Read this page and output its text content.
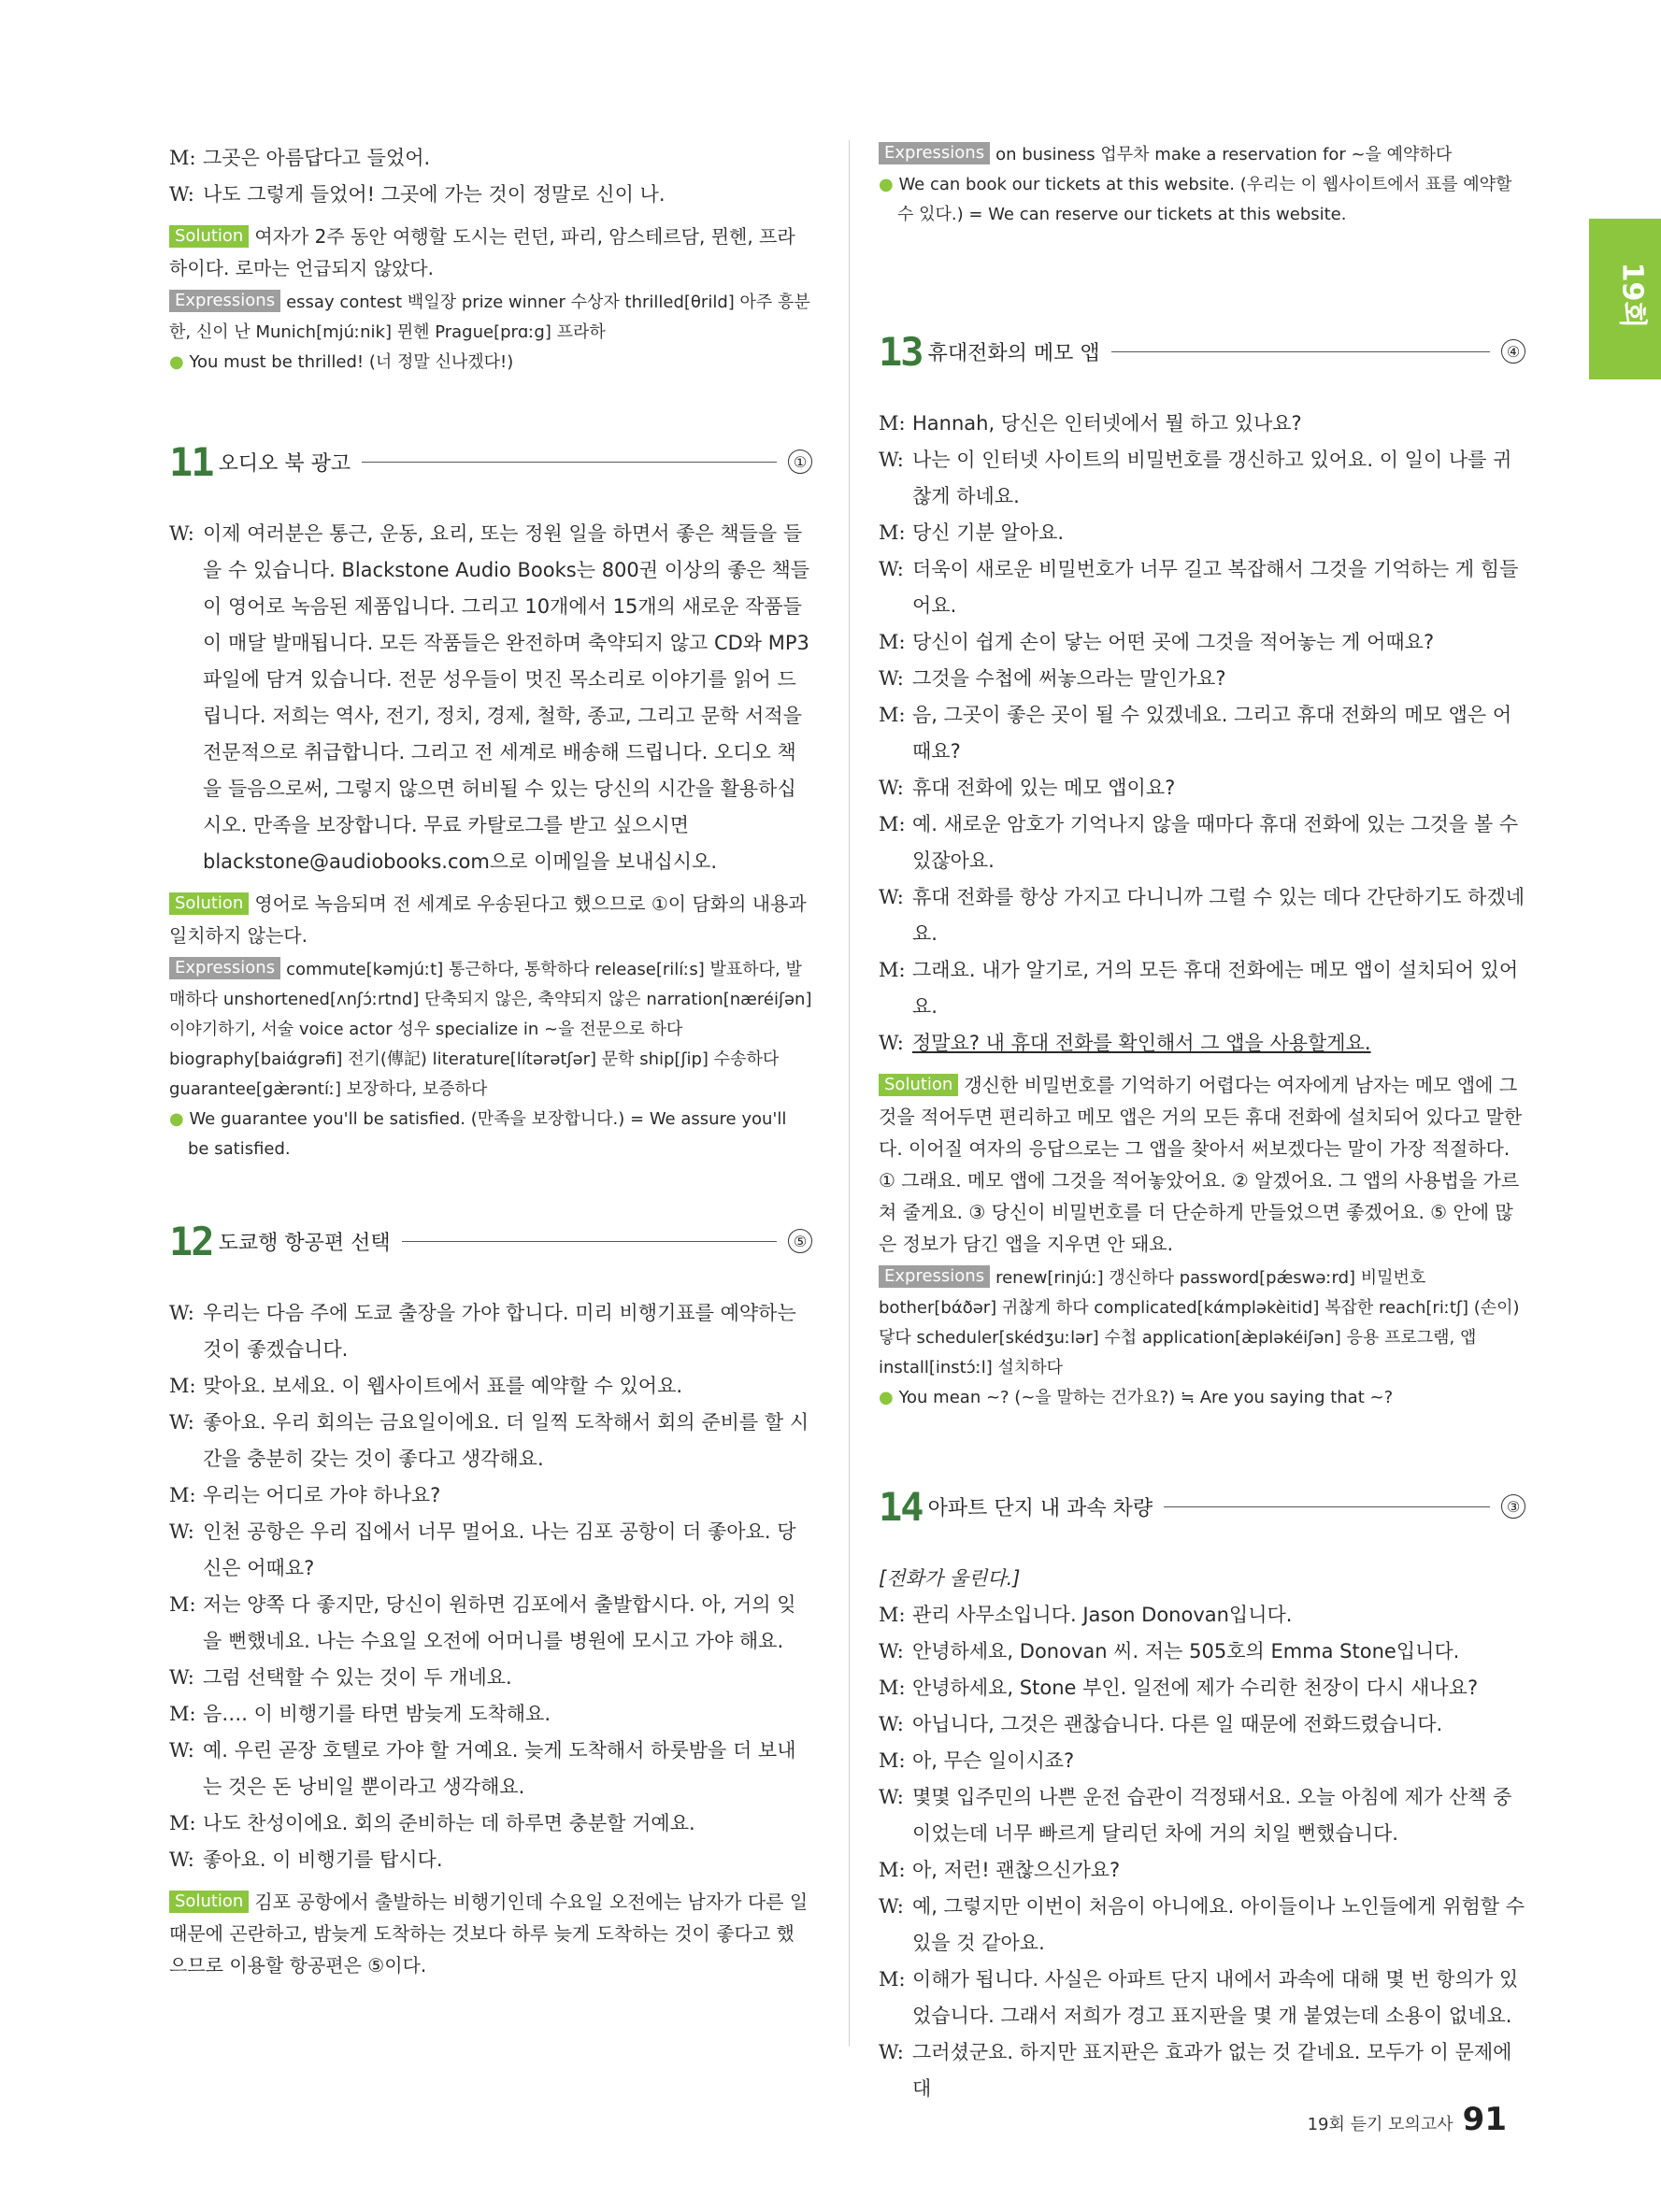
19회
M: 그곳은 아름답다고 들었어.
W: 나도 그렇게 들었어! 그곳에 가는 것이 정말로 신이 나.
Solution 여자가 2주 동안 여행할 도시는 런던, 파리, 암스테르담, 뮌헨, 프라하이다. 로마는 언급되지 않았다.
Expressions essay contest 백일장 prize winner 수상자 thrilled[θrild] 아주 흥분한, 신이 난 Munich[mjúːnik] 뮌헨 Prague[prɑːg] 프라하
● You must be thrilled! (너 정말 신나겠다!)
11 오디오 북 광고	①
W: 이제 여러분은 통근, 운동, 요리, 또는 정원 일을 하면서 좋은 책들을 들을 수 있습니다. Blackstone Audio Books는 800권 이상의 좋은 책들이 영어로 녹음된 제품입니다. 그리고 10개에서 15개의 새로운 작품들이 매달 발매됩니다. 모든 작품들은 완전하며 축약되지 않고 CD와 MP3 파일에 담겨 있습니다. 전문 성우들이 멋진 목소리로 이야기를 읽어 드립니다. 저희는 역사, 전기, 정치, 경제, 철학, 종교, 그리고 문학 서적을 전문적으로 취급합니다. 그리고 전 세계로 배송해 드립니다. 오디오 책을 들음으로써, 그렇지 않으면 허비될 수 있는 당신의 시간을 활용하십시오. 만족을 보장합니다. 무료 카탈로그를 받고 싶으시면 blackstone@audiobooks.com으로 이메일을 보내십시오.
Solution 영어로 녹음되며 전 세계로 우송된다고 했으므로 ①이 담화의 내용과 일치하지 않는다.
Expressions commute[kəmjúːt] 통근하다, 통학하다 release[rilíːs] 발표하다, 발매하다 unshortened[ʌnʃɔ́ːrtnd] 단축되지 않은, 축약되지 않은 narration[næréiʃən] 이야기하기, 서술 voice actor 성우 specialize in ~을 전문으로 하다 biography[baiάgrəfi] 전기(傳記) literature[lítərətʃər] 문학 ship[ʃip] 수송하다 guarantee[gæ̀rəntíː] 보장하다, 보증하다
● We guarantee you'll be satisfied. (만족을 보장합니다.) = We assure you'll be satisfied.
12 도쿄행 항공편 선택	⑤
W: 우리는 다음 주에 도쿄 출장을 가야 합니다. 미리 비행기표를 예약하는 것이 좋겠습니다.
M: 맞아요. 보세요. 이 웹사이트에서 표를 예약할 수 있어요.
W: 좋아요. 우리 회의는 금요일이에요. 더 일찍 도착해서 회의 준비를 할 시간을 충분히 갖는 것이 좋다고 생각해요.
M: 우리는 어디로 가야 하나요?
W: 인천 공항은 우리 집에서 너무 멀어요. 나는 김포 공항이 더 좋아요. 당신은 어때요?
M: 저는 양쪽 다 좋지만, 당신이 원하면 김포에서 출발합시다. 아, 거의 잊을 뻔했네요. 나는 수요일 오전에 어머니를 병원에 모시고 가야 해요.
W: 그럼 선택할 수 있는 것이 두 개네요.
M: 음…. 이 비행기를 타면 밤늦게 도착해요.
W: 예. 우린 곧장 호텔로 가야 할 거예요. 늦게 도착해서 하룻밤을 더 보내는 것은 돈 낭비일 뿐이라고 생각해요.
M: 나도 찬성이에요. 회의 준비하는 데 하루면 충분할 거예요.
W: 좋아요. 이 비행기를 탑시다.
Solution 김포 공항에서 출발하는 비행기인데 수요일 오전에는 남자가 다른 일 때문에 곤란하고, 밤늦게 도착하는 것보다 하루 늦게 도착하는 것이 좋다고 했으므로 이용할 항공편은 ⑤이다.
Expressions on business 업무차 make a reservation for ~을 예약하다
● We can book our tickets at this website. (우리는 이 웹사이트에서 표를 예약할 수 있다.) = We can reserve our tickets at this website.
13 휴대전화의 메모 앱	④
M: Hannah, 당신은 인터넷에서 뭘 하고 있나요?
W: 나는 이 인터넷 사이트의 비밀번호를 갱신하고 있어요. 이 일이 나를 귀찮게 하네요.
M: 당신 기분 알아요.
W: 더욱이 새로운 비밀번호가 너무 길고 복잡해서 그것을 기억하는 게 힘들어요.
M: 당신이 쉽게 손이 닿는 어떤 곳에 그것을 적어놓는 게 어때요?
W: 그것을 수첩에 써놓으라는 말인가요?
M: 음, 그곳이 좋은 곳이 될 수 있겠네요. 그리고 휴대 전화의 메모 앱은 어때요?
W: 휴대 전화에 있는 메모 앱이요?
M: 예. 새로운 암호가 기억나지 않을 때마다 휴대 전화에 있는 그것을 볼 수 있잖아요.
W: 휴대 전화를 항상 가지고 다니니까 그럴 수 있는 데다 간단하기도 하겠네요.
M: 그래요. 내가 알기로, 거의 모든 휴대 전화에는 메모 앱이 설치되어 있어요.
W: 정말요? 내 휴대 전화를 확인해서 그 앱을 사용할게요.
Solution 갱신한 비밀번호를 기억하기 어렵다는 여자에게 남자는 메모 앱에 그것을 적어두면 편리하고 메모 앱은 거의 모든 휴대 전화에 설치되어 있다고 말한다. 이어질 여자의 응답으로는 그 앱을 찾아서 써보겠다는 말이 가장 적절하다.
① 그래요. 메모 앱에 그것을 적어놓았어요. ② 알겠어요. 그 앱의 사용법을 가르쳐 줄게요. ③ 당신이 비밀번호를 더 단순하게 만들었으면 좋겠어요. ⑤ 안에 많은 정보가 담긴 앱을 지우면 안 돼요.
Expressions renew[rinjúː] 갱신하다 password[pǽswəːrd] 비밀번호 bother[bάðər] 귀찮게 하다 complicated[kάmpləkèitid] 복잡한 reach[riːtʃ] (손이) 닿다 scheduler[skédʒuːlər] 수첩 application[æ̀pləkéiʃən] 응용 프로그램, 앱 install[instɔ́ːl] 설치하다
● You mean ~? (~을 말하는 건가요?) ≒ Are you saying that ~?
14 아파트 단지 내 과속 차량	③
[전화가 울린다.]
M: 관리 사무소입니다. Jason Donovan입니다.
W: 안녕하세요, Donovan 씨. 저는 505호의 Emma Stone입니다.
M: 안녕하세요, Stone 부인. 일전에 제가 수리한 천장이 다시 새나요?
W: 아닙니다, 그것은 괜찮습니다. 다른 일 때문에 전화드렸습니다.
M: 아, 무슨 일이시죠?
W: 몇몇 입주민의 나쁜 운전 습관이 걱정돼서요. 오늘 아침에 제가 산책 중이었는데 너무 빠르게 달리던 차에 거의 치일 뻔했습니다.
M: 아, 저런! 괜찮으신가요?
W: 예, 그렇지만 이번이 처음이 아니에요. 아이들이나 노인들에게 위험할 수 있을 것 같아요.
M: 이해가 됩니다. 사실은 아파트 단지 내에서 과속에 대해 몇 번 항의가 있었습니다. 그래서 저희가 경고 표지판을 몇 개 붙였는데 소용이 없네요.
W: 그러셨군요. 하지만 표지판은 효과가 없는 것 같네요. 모두가 이 문제에 대
19회 듣기 모의고사 91
